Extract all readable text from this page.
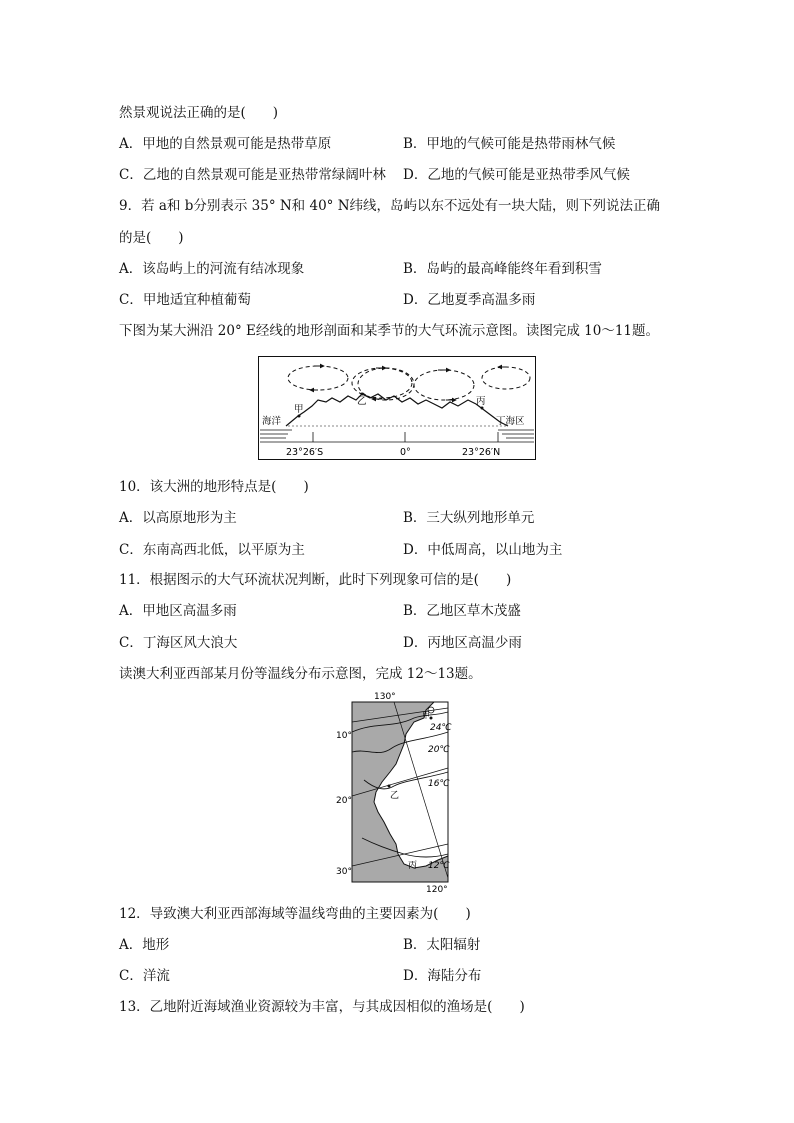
然景观说法正确的是(　　)
A．甲地的自然景观可能是热带草原	B．甲地的气候可能是热带雨林气候
C．乙地的自然景观可能是亚热带常绿阔叶林 D．乙地的气候可能是亚热带季风气候
9．若 a和 b分别表示 35° N和 40° N纬线，岛屿以东不远处有一块大陆，则下列说法正确
的是(　　)
A．该岛屿上的河流有结冰现象	B．岛屿的最高峰能终年看到积雪
C．甲地适宜种植葡萄	D．乙地夏季高温多雨
下图为某大洲沿 20° E经线的地形剖面和某季节的大气环流示意图。读图完成 10～11题。
海洋	丁海区
甲
乙	丙
23°26′S	0°	23°26′N
10．该大洲的地形特点是(　　)
A．以高原地形为主	B．三大纵列地形单元
C．东南高西北低，以平原为主	D．中低周高，以山地为主
11．根据图示的大气环流状况判断，此时下列现象可信的是(　　)
A．甲地区高温多雨	B．乙地区草木茂盛
C．丁海区风大浪大	D．丙地区高温少雨
读澳大利亚西部某月份等温线分布示意图，完成 12～13题。
130°
10°
20°
30°
甲
24℃
20℃
16℃
乙
丙 12℃
120°
12．导致澳大利亚西部海域等温线弯曲的主要因素为(　　)
A．地形	B．太阳辐射
C．洋流	D．海陆分布
13．乙地附近海域渔业资源较为丰富，与其成因相似的渔场是(　　)
